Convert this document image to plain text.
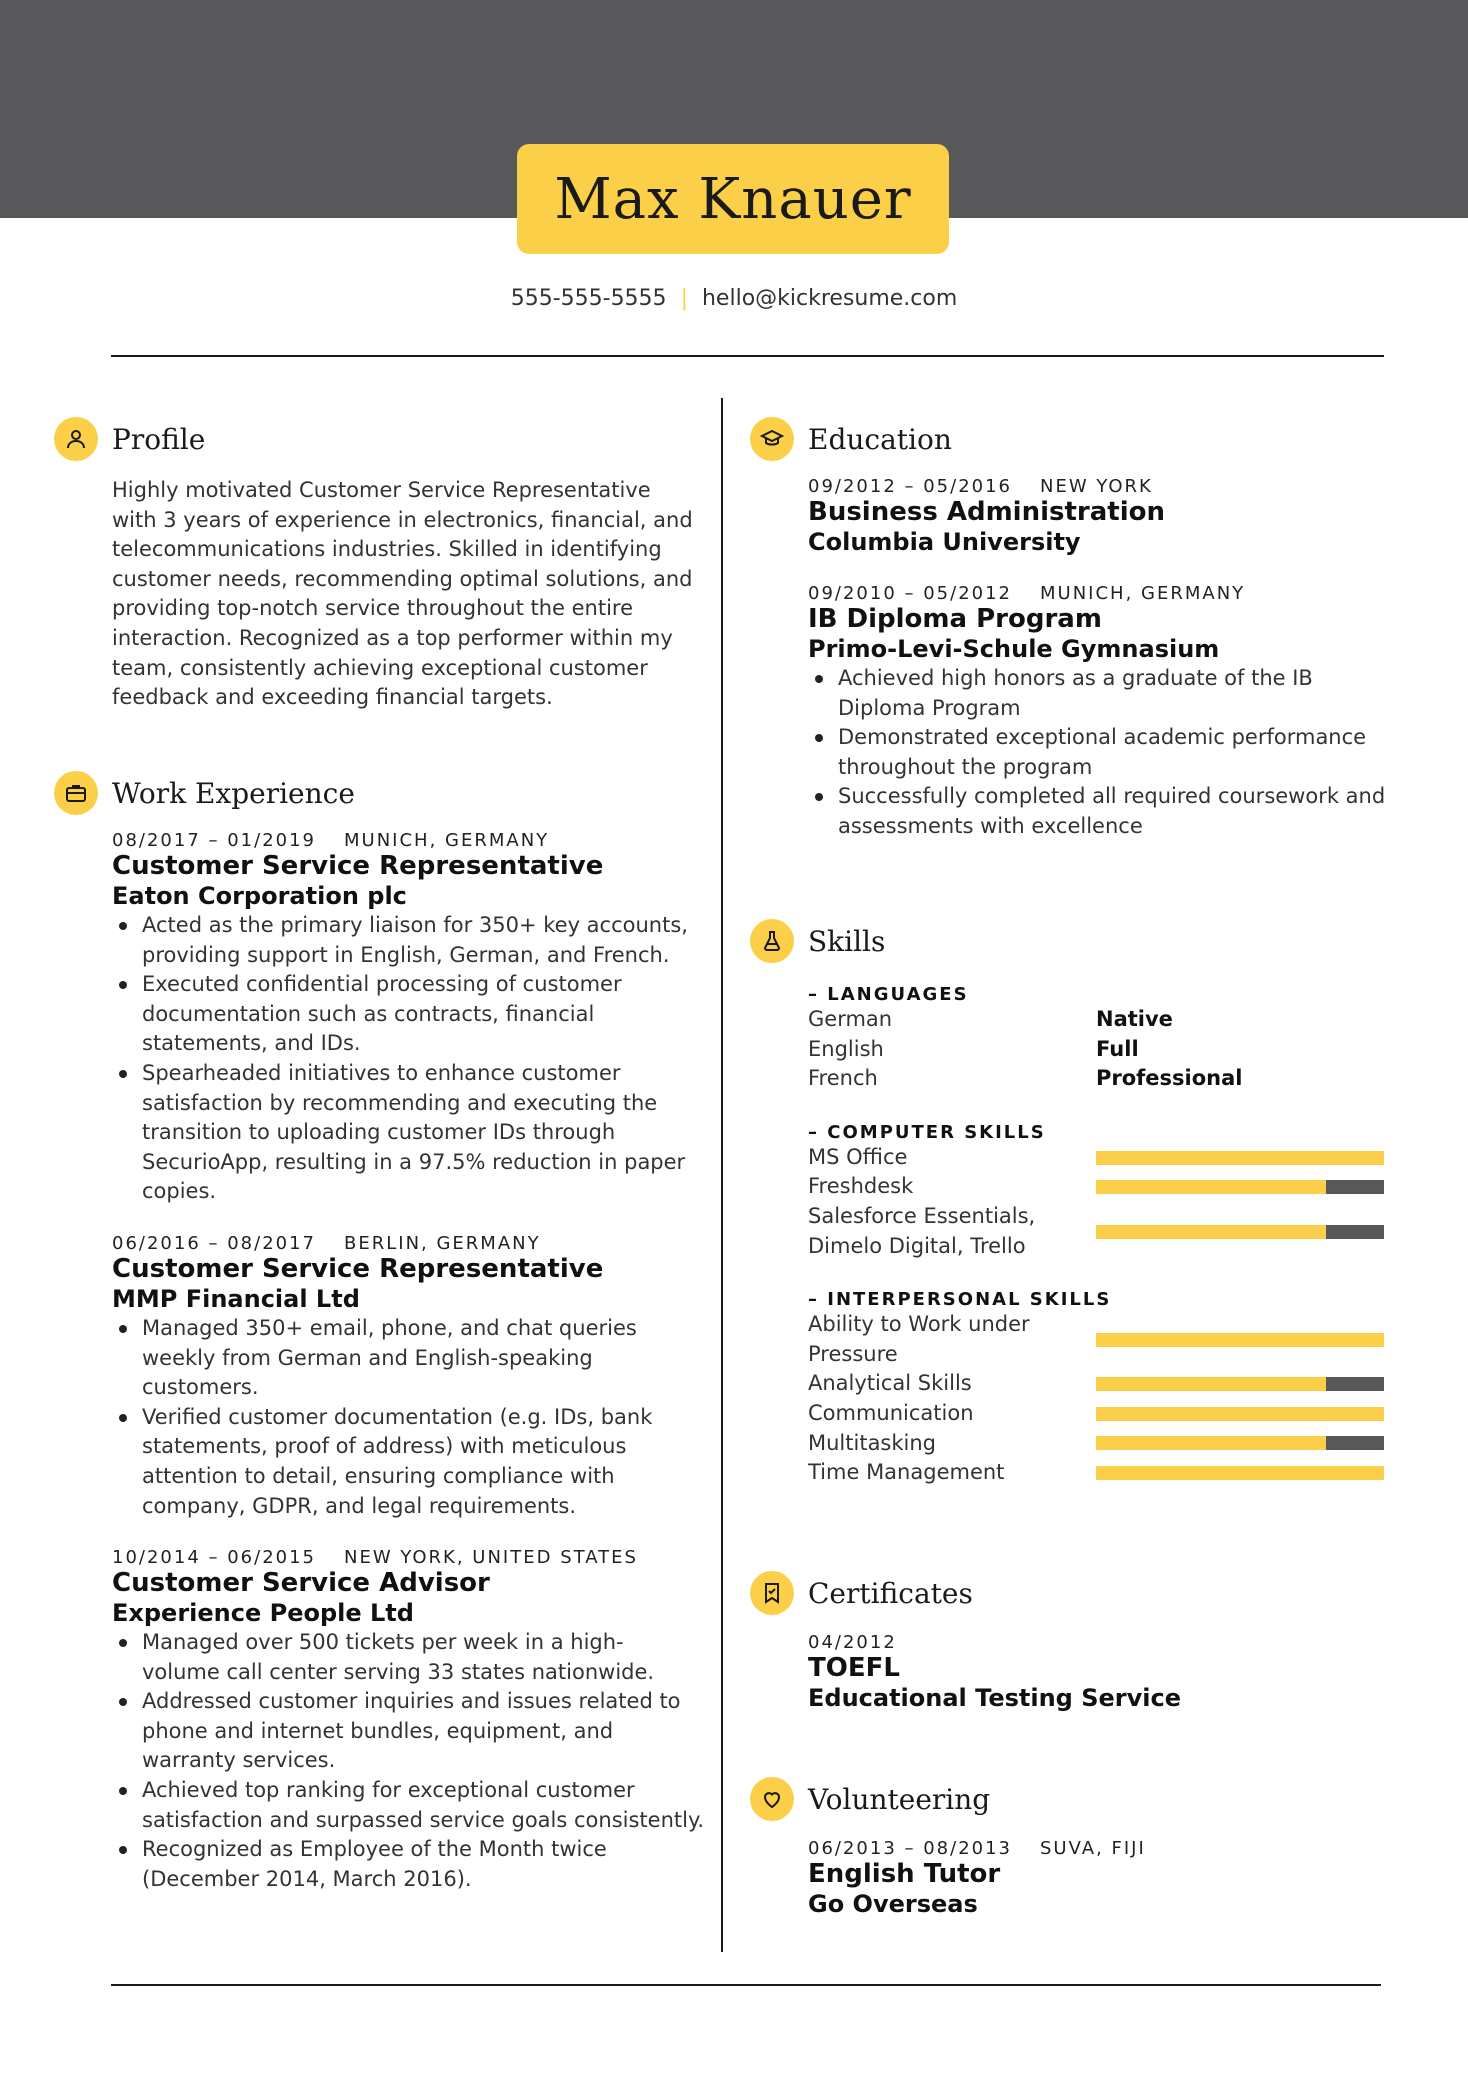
Max Knauer
555-555-5555 | hello@kickresume.com
Profile
Highly motivated Customer Service Representative
with 3 years of experience in electronics, financial, and
telecommunications industries. Skilled in identifying
customer needs, recommending optimal solutions, and
providing top-notch service throughout the entire
interaction. Recognized as a top performer within my
team, consistently achieving exceptional customer
feedback and exceeding financial targets.
Work Experience
08/2017 – 01/2019 MUNICH, GERMANY
Customer Service Representative
Eaton Corporation plc
Acted as the primary liaison for 350+ key accounts,
providing support in English, German, and French.
Executed confidential processing of customer
documentation such as contracts, financial
statements, and IDs.
Spearheaded initiatives to enhance customer
satisfaction by recommending and executing the
transition to uploading customer IDs through
SecurioApp, resulting in a 97.5% reduction in paper
copies.
06/2016 – 08/2017 BERLIN, GERMANY
Customer Service Representative
MMP Financial Ltd
Managed 350+ email, phone, and chat queries
weekly from German and English-speaking
customers.
Verified customer documentation (e.g. IDs, bank
statements, proof of address) with meticulous
attention to detail, ensuring compliance with
company, GDPR, and legal requirements.
10/2014 – 06/2015 NEW YORK, UNITED STATES
Customer Service Advisor
Experience People Ltd
Managed over 500 tickets per week in a high-
volume call center serving 33 states nationwide.
Addressed customer inquiries and issues related to
phone and internet bundles, equipment, and
warranty services.
Achieved top ranking for exceptional customer
satisfaction and surpassed service goals consistently.
Recognized as Employee of the Month twice
(December 2014, March 2016).
Education
09/2012 – 05/2016 NEW YORK
Business Administration
Columbia University
09/2010 – 05/2012 MUNICH, GERMANY
IB Diploma Program
Primo-Levi-Schule Gymnasium
Achieved high honors as a graduate of the IB
Diploma Program
Demonstrated exceptional academic performance
throughout the program
Successfully completed all required coursework and
assessments with excellence
Skills
– LANGUAGES
German	Native
English	Full
French	Professional
– COMPUTER SKILLS
MS Office
Freshdesk
Salesforce Essentials,
Dimelo Digital, Trello
– INTERPERSONAL SKILLS
Ability to Work under
Pressure
Analytical Skills
Communication
Multitasking
Time Management
Certificates
04/2012
TOEFL
Educational Testing Service
Volunteering
06/2013 – 08/2013 SUVA, FIJI
English Tutor
Go Overseas
